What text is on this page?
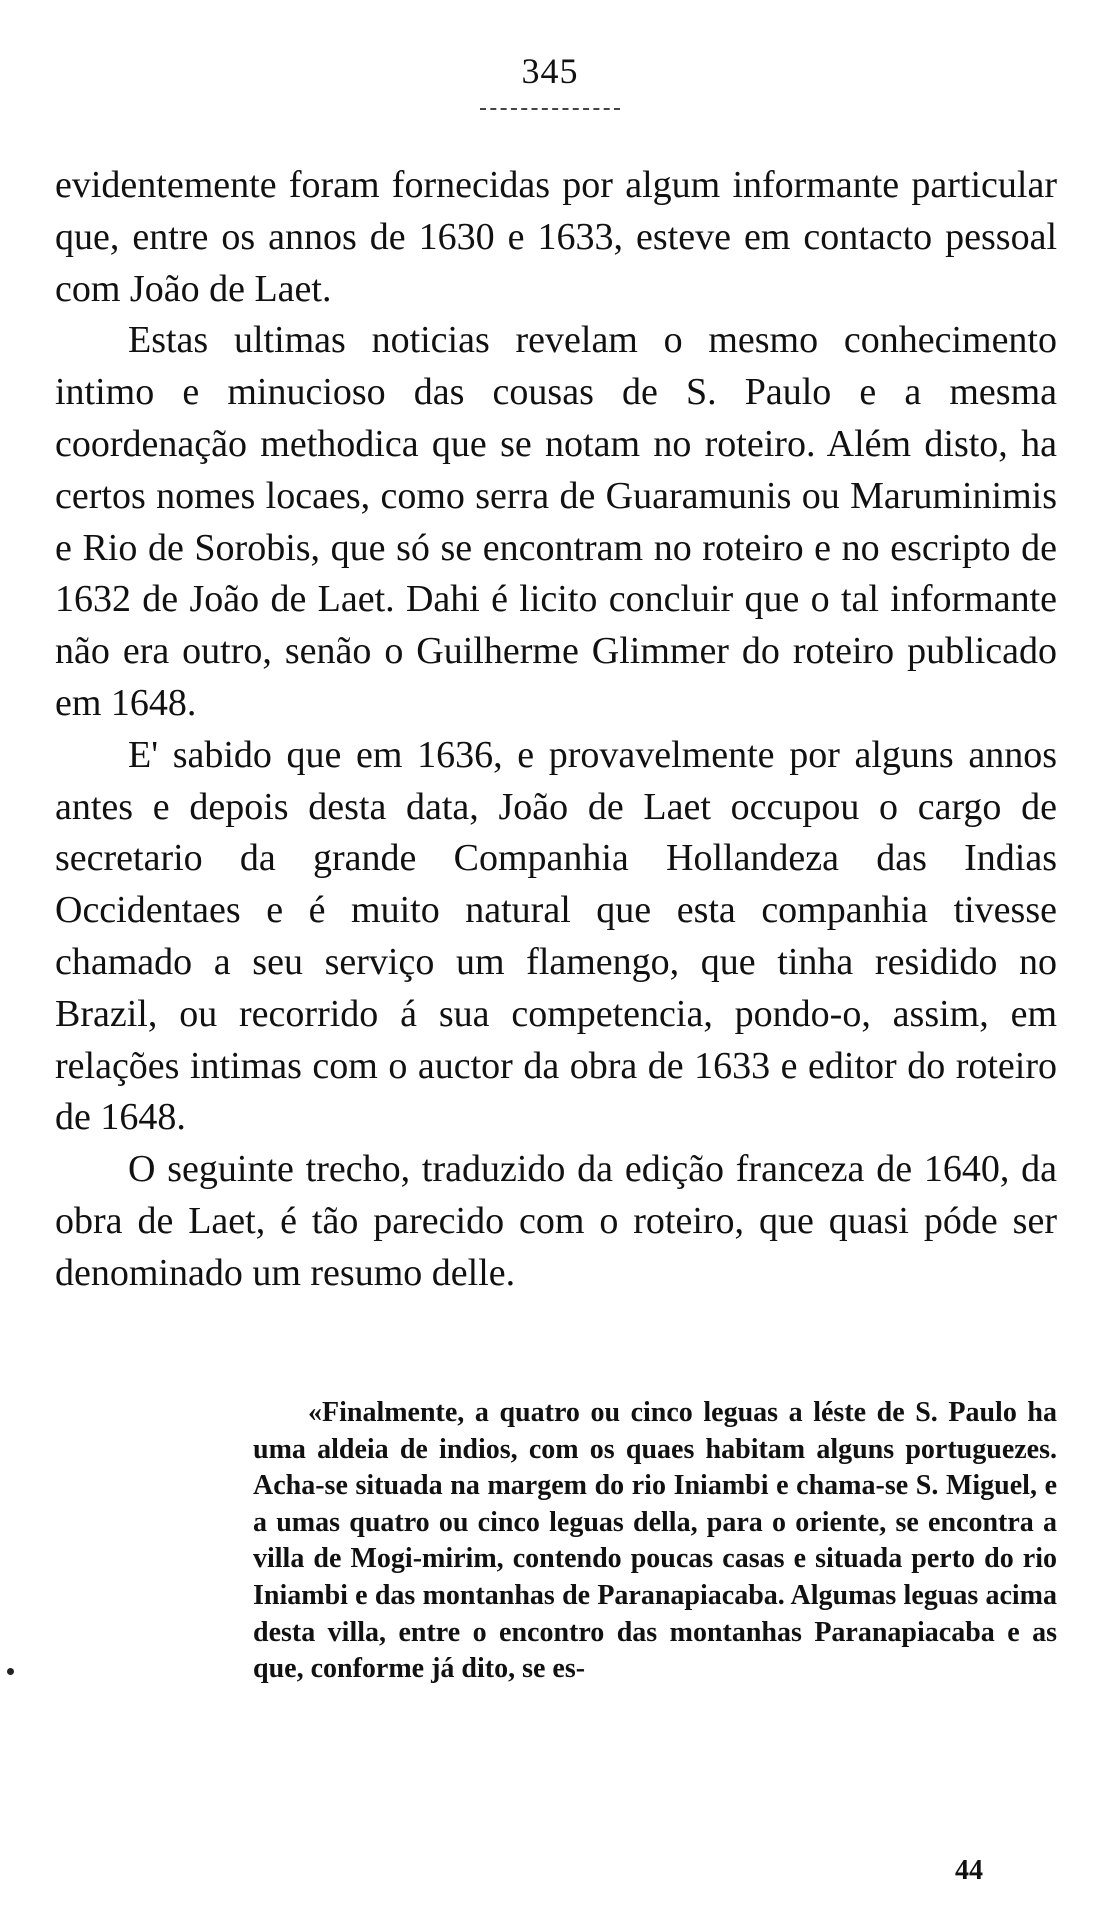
345

evidentemente foram fornecidas por algum informante particular que, entre os annos de 1630 e 1633, esteve em contacto pessoal com João de Laet.

Estas ultimas noticias revelam o mesmo conhecimento intimo e minucioso das cousas de S. Paulo e a mesma coordenação methodica que se notam no roteiro. Além disto, ha certos nomes locaes, como serra de Guaramunis ou Maruminimis e Rio de Sorobis, que só se encontram no roteiro e no escripto de 1632 de João de Laet. Dahi é licito concluir que o tal informante não era outro, senão o Guilherme Glimmer do roteiro publicado em 1648.

E' sabido que em 1636, e provavelmente por alguns annos antes e depois desta data, João de Laet occupou o cargo de secretario da grande Companhia Hollandeza das Indias Occidentaes e é muito natural que esta companhia tivesse chamado a seu serviço um flamengo, que tinha residido no Brazil, ou recorrido á sua competencia, pondo-o, assim, em relações intimas com o auctor da obra de 1633 e editor do roteiro de 1648.

O seguinte trecho, traduzido da edição franceza de 1640, da obra de Laet, é tão parecido com o roteiro, que quasi póde ser denominado um resumo delle.

«Finalmente, a quatro ou cinco leguas a léste de S. Paulo ha uma aldeia de indios, com os quaes habitam alguns portuguezes. Acha-se situada na margem do rio Iniambi e chama-se S. Miguel, e a umas quatro ou cinco leguas della, para o oriente, se encontra a villa de Mogi-mirim, contendo poucas casas e situada perto do rio Iniambi e das montanhas de Paranapiacaba. Algumas leguas acima desta villa, entre o encontro das montanhas Paranapiacaba e as que, conforme já dito, se es-

44
